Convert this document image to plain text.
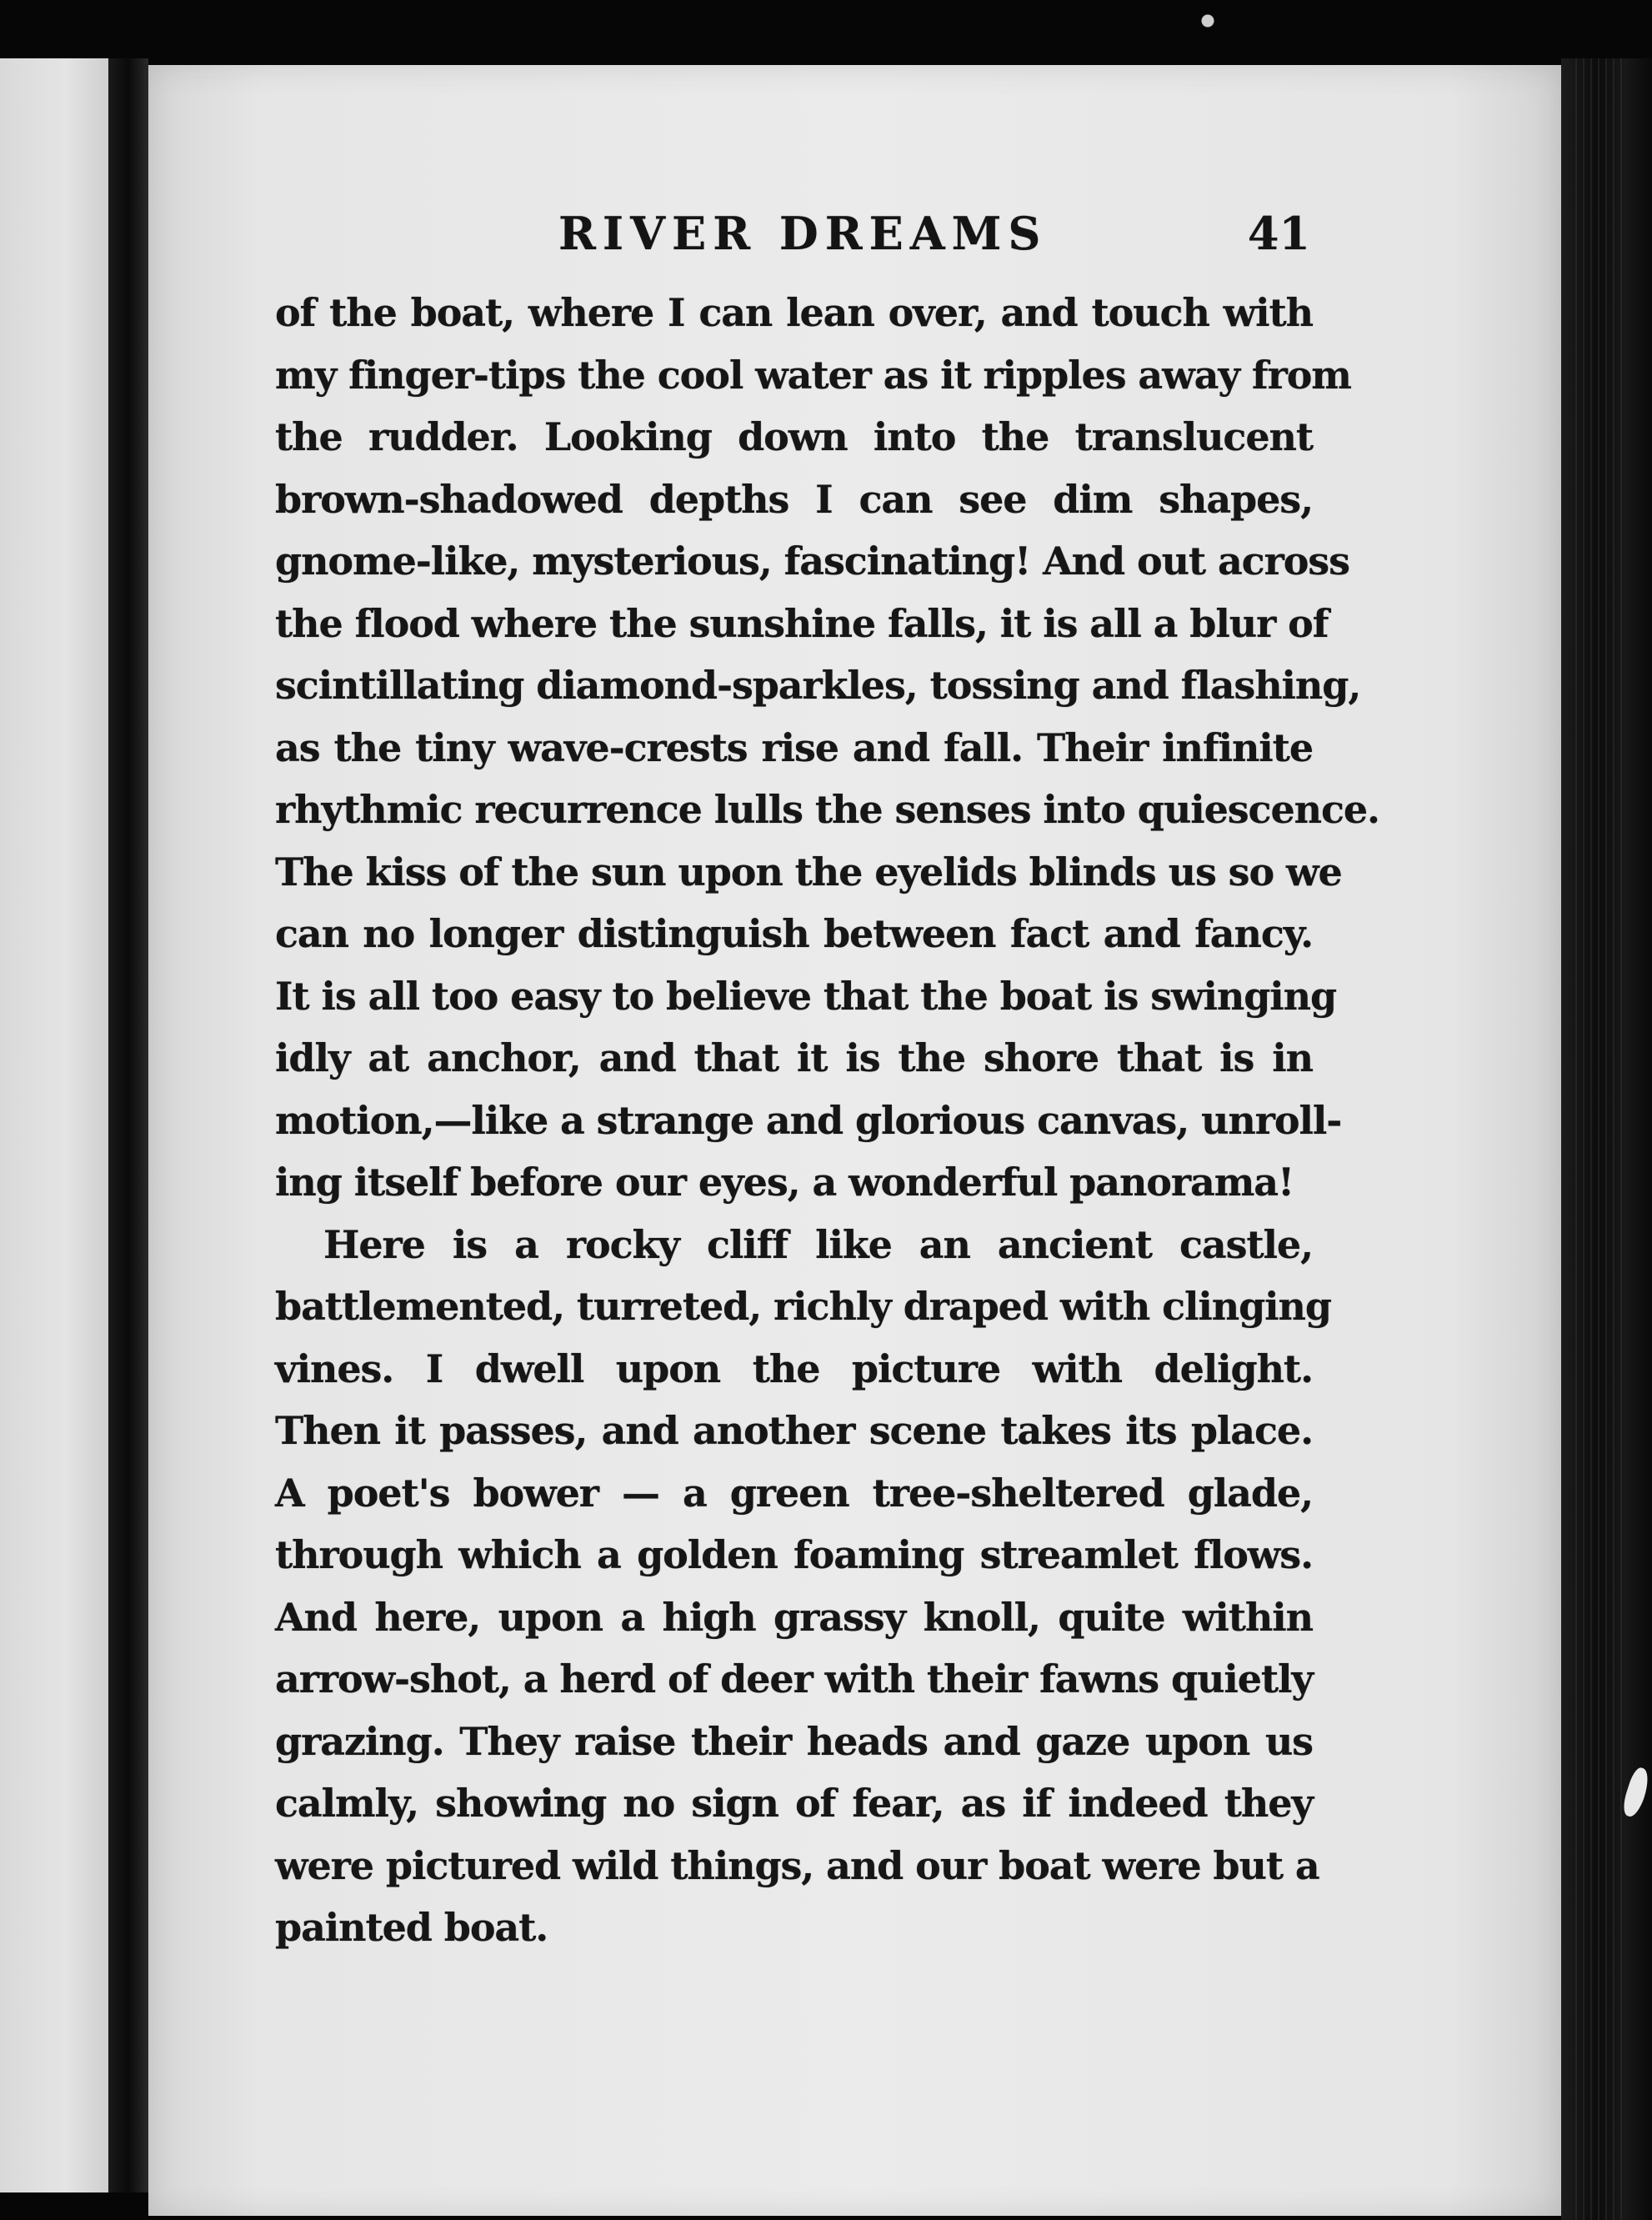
RIVER DREAMS	41
of the boat, where I can lean over, and touch with
my finger-tips the cool water as it ripples away from
the rudder. Looking down into the translucent
brown-shadowed depths I can see dim shapes,
gnome-like, mysterious, fascinating! And out across
the flood where the sunshine falls, it is all a blur of
scintillating diamond-sparkles, tossing and flashing,
as the tiny wave-crests rise and fall. Their infinite
rhythmic recurrence lulls the senses into quiescence.
The kiss of the sun upon the eyelids blinds us so we
can no longer distinguish between fact and fancy.
It is all too easy to believe that the boat is swinging
idly at anchor, and that it is the shore that is in
motion,—like a strange and glorious canvas, unroll-
ing itself before our eyes, a wonderful panorama!
Here is a rocky cliff like an ancient castle,
battlemented, turreted, richly draped with clinging
vines. I dwell upon the picture with delight.
Then it passes, and another scene takes its place.
A poet's bower — a green tree-sheltered glade,
through which a golden foaming streamlet flows.
And here, upon a high grassy knoll, quite within
arrow-shot, a herd of deer with their fawns quietly
grazing. They raise their heads and gaze upon us
calmly, showing no sign of fear, as if indeed they
were pictured wild things, and our boat were but a
painted boat.
